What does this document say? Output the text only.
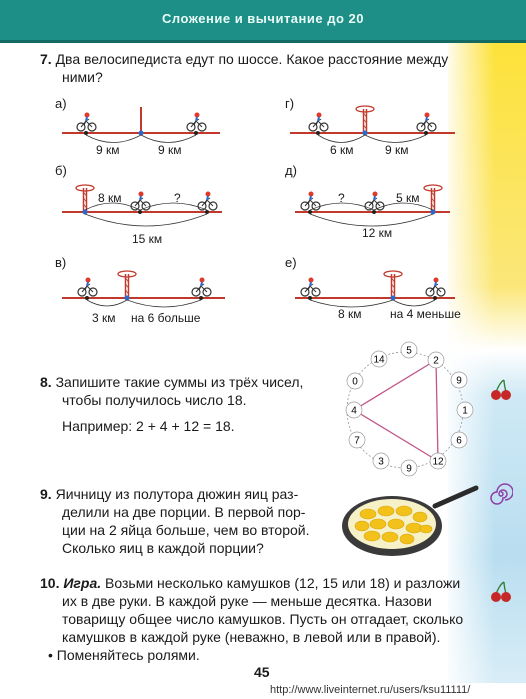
Сложение и вычитание до 20
7. Два велосипедиста едут по шоссе. Какое расстояние между
ними?
а)
9 км	9 км
г)
6 км	9 км
б)
8 км	?
15 км
д)
?	5 км
12 км
в)
3 км на 6 больше
е)
8 км на 4 меньше
8. Запишите такие суммы из трёх чисел,
чтобы получилось число 18.
Например: 2 + 4 + 12 = 18.
5
2
9
1
6
12
9
3
7
4
0
14
9. Яичницу из полутора дюжин яиц раз-
делили на две порции. В первой пор-
ции на 2 яйца больше, чем во второй.
Сколько яиц в каждой порции?
10. Игра. Возьми несколько камушков (12, 15 или 18) и разложи
их в две руки. В каждой руке — меньше десятка. Назови
товарищу общее число камушков. Пусть он отгадает, сколько
камушков в каждой руке (неважно, в левой или в правой).
• Поменяйтесь ролями.
45
http://www.liveinternet.ru/users/ksu11111/
